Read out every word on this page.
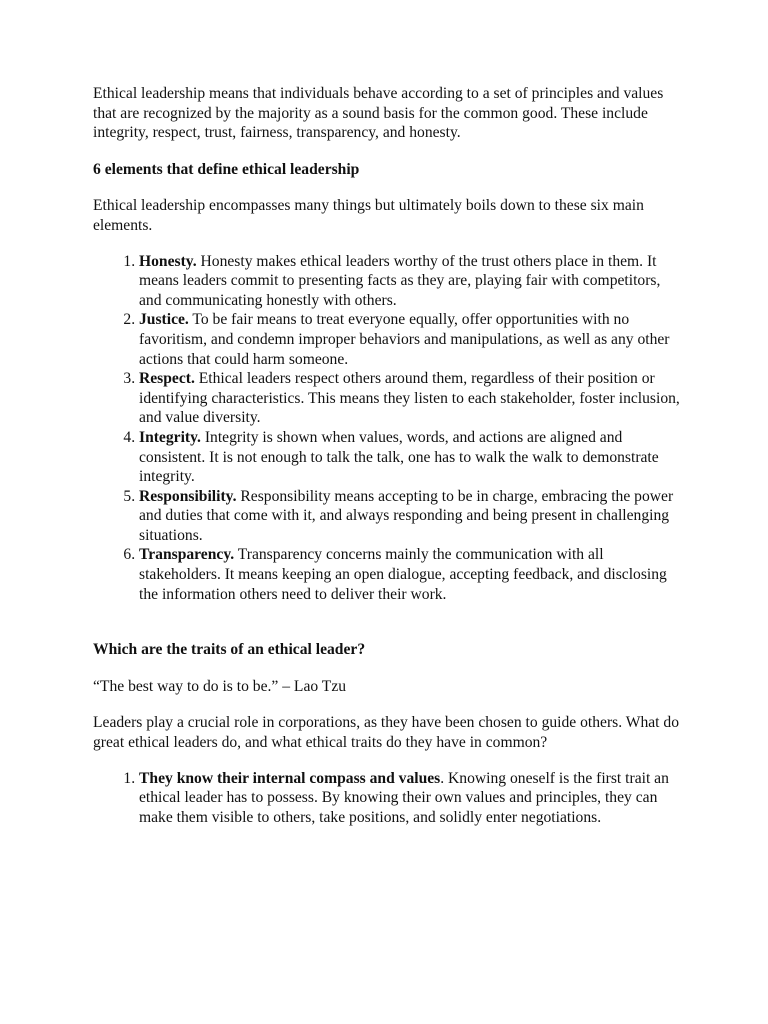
Ethical leadership means that individuals behave according to a set of principles and values that are recognized by the majority as a sound basis for the common good. These include integrity, respect, trust, fairness, transparency, and honesty.

6 elements that define ethical leadership

Ethical leadership encompasses many things but ultimately boils down to these six main elements.

1. Honesty. Honesty makes ethical leaders worthy of the trust others place in them. It means leaders commit to presenting facts as they are, playing fair with competitors, and communicating honestly with others.
2. Justice. To be fair means to treat everyone equally, offer opportunities with no favoritism, and condemn improper behaviors and manipulations, as well as any other actions that could harm someone.
3. Respect. Ethical leaders respect others around them, regardless of their position or identifying characteristics. This means they listen to each stakeholder, foster inclusion, and value diversity.
4. Integrity. Integrity is shown when values, words, and actions are aligned and consistent. It is not enough to talk the talk, one has to walk the walk to demonstrate integrity.
5. Responsibility. Responsibility means accepting to be in charge, embracing the power and duties that come with it, and always responding and being present in challenging situations.
6. Transparency. Transparency concerns mainly the communication with all stakeholders. It means keeping an open dialogue, accepting feedback, and disclosing the information others need to deliver their work.

Which are the traits of an ethical leader?

“The best way to do is to be.” – Lao Tzu

Leaders play a crucial role in corporations, as they have been chosen to guide others. What do great ethical leaders do, and what ethical traits do they have in common?

1. They know their internal compass and values. Knowing oneself is the first trait an ethical leader has to possess. By knowing their own values and principles, they can make them visible to others, take positions, and solidly enter negotiations.
